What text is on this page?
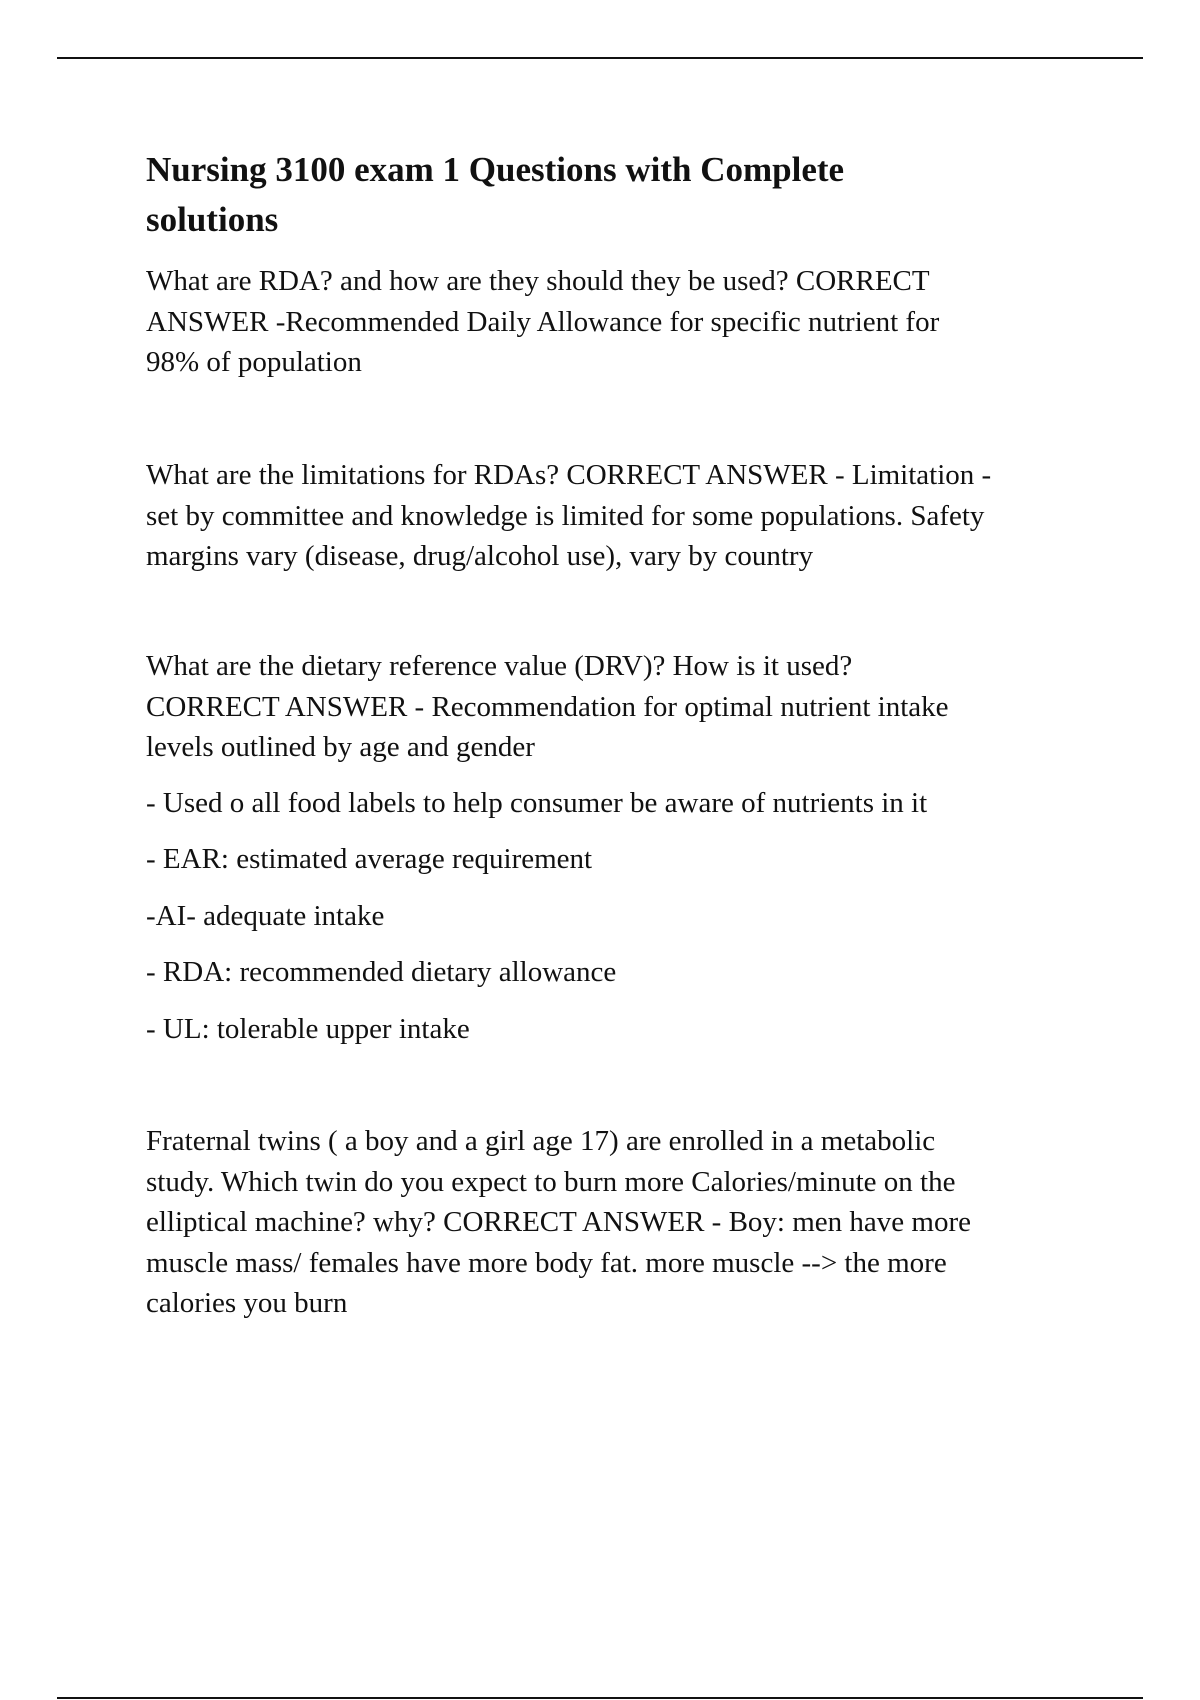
Nursing 3100 exam 1 Questions with Complete
solutions
What are RDA? and how are they should they be used? CORRECT
ANSWER -Recommended Daily Allowance for specific nutrient for
98% of population
What are the limitations for RDAs? CORRECT ANSWER - Limitation -
set by committee and knowledge is limited for some populations. Safety
margins vary (disease, drug/alcohol use), vary by country
What are the dietary reference value (DRV)? How is it used?
CORRECT ANSWER - Recommendation for optimal nutrient intake
levels outlined by age and gender
- Used o all food labels to help consumer be aware of nutrients in it
- EAR: estimated average requirement
-AI- adequate intake
- RDA: recommended dietary allowance
- UL: tolerable upper intake
Fraternal twins ( a boy and a girl age 17) are enrolled in a metabolic
study. Which twin do you expect to burn more Calories/minute on the
elliptical machine? why? CORRECT ANSWER - Boy: men have more
muscle mass/ females have more body fat. more muscle --> the more
calories you burn
